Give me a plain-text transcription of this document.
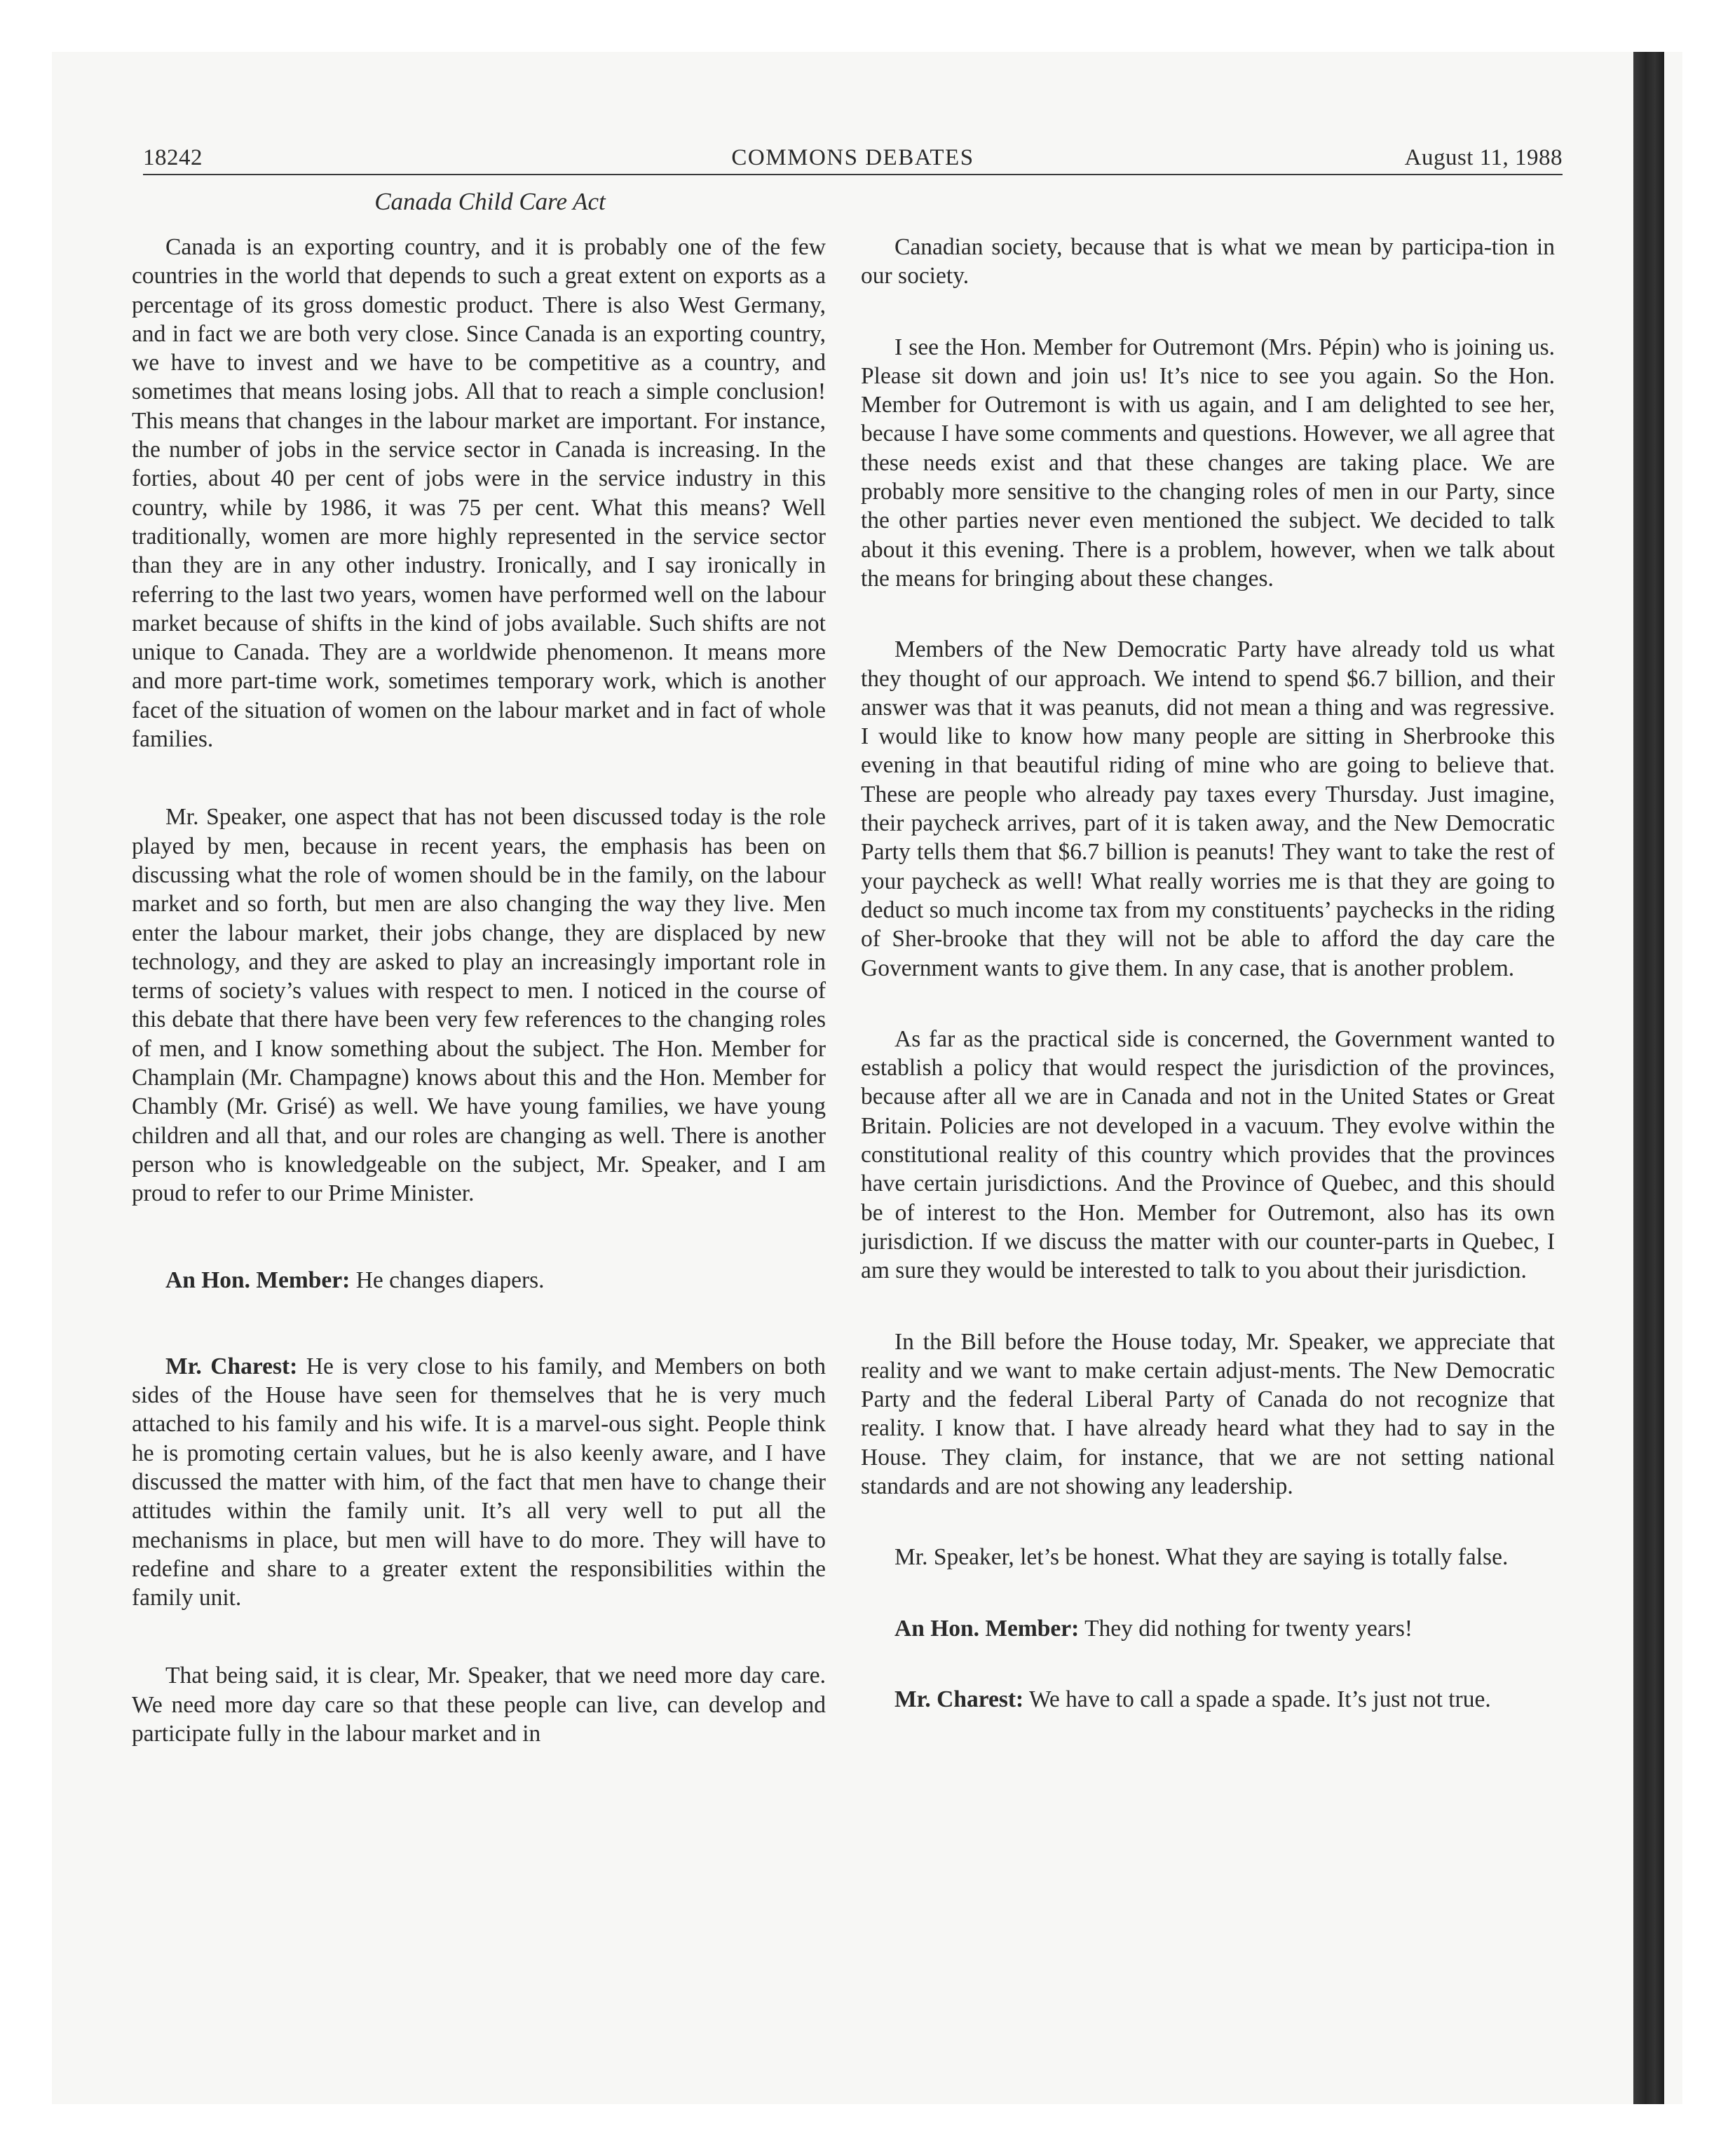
18242	COMMONS DEBATES	August 11, 1988
Canada Child Care Act

Canada is an exporting country, and it is probably one of the few countries in the world that depends to such a great extent on exports as a percentage of its gross domestic product. There is also West Germany, and in fact we are both very close. Since Canada is an exporting country, we have to invest and we have to be competitive as a country, and sometimes that means losing jobs. All that to reach a simple conclusion! This means that changes in the labour market are important. For instance, the number of jobs in the service sector in Canada is increasing. In the forties, about 40 per cent of jobs were in the service industry in this country, while by 1986, it was 75 per cent. What this means? Well traditionally, women are more highly represented in the service sector than they are in any other industry. Ironically, and I say ironically in referring to the last two years, women have performed well on the labour market because of shifts in the kind of jobs available. Such shifts are not unique to Canada. They are a worldwide phenomenon. It means more and more part-time work, sometimes temporary work, which is another facet of the situation of women on the labour market and in fact of whole families.

Mr. Speaker, one aspect that has not been discussed today is the role played by men, because in recent years, the emphasis has been on discussing what the role of women should be in the family, on the labour market and so forth, but men are also changing the way they live. Men enter the labour market, their jobs change, they are displaced by new technology, and they are asked to play an increasingly important role in terms of society’s values with respect to men. I noticed in the course of this debate that there have been very few references to the changing roles of men, and I know something about the subject. The Hon. Member for Champlain (Mr. Champagne) knows about this and the Hon. Member for Chambly (Mr. Grisé) as well. We have young families, we have young children and all that, and our roles are changing as well. There is another person who is knowledgeable on the subject, Mr. Speaker, and I am proud to refer to our Prime Minister.

An Hon. Member: He changes diapers.

Mr. Charest: He is very close to his family, and Members on both sides of the House have seen for themselves that he is very much attached to his family and his wife. It is a marvel-ous sight. People think he is promoting certain values, but he is also keenly aware, and I have discussed the matter with him, of the fact that men have to change their attitudes within the family unit. It’s all very well to put all the mechanisms in place, but men will have to do more. They will have to redefine and share to a greater extent the responsibilities within the family unit.

That being said, it is clear, Mr. Speaker, that we need more day care. We need more day care so that these people can live, can develop and participate fully in the labour market and in

Canadian society, because that is what we mean by participa-tion in our society.

I see the Hon. Member for Outremont (Mrs. Pépin) who is joining us. Please sit down and join us! It’s nice to see you again. So the Hon. Member for Outremont is with us again, and I am delighted to see her, because I have some comments and questions. However, we all agree that these needs exist and that these changes are taking place. We are probably more sensitive to the changing roles of men in our Party, since the other parties never even mentioned the subject. We decided to talk about it this evening. There is a problem, however, when we talk about the means for bringing about these changes.

Members of the New Democratic Party have already told us what they thought of our approach. We intend to spend $6.7 billion, and their answer was that it was peanuts, did not mean a thing and was regressive. I would like to know how many people are sitting in Sherbrooke this evening in that beautiful riding of mine who are going to believe that. These are people who already pay taxes every Thursday. Just imagine, their paycheck arrives, part of it is taken away, and the New Democratic Party tells them that $6.7 billion is peanuts! They want to take the rest of your paycheck as well! What really worries me is that they are going to deduct so much income tax from my constituents’ paychecks in the riding of Sher-brooke that they will not be able to afford the day care the Government wants to give them. In any case, that is another problem.

As far as the practical side is concerned, the Government wanted to establish a policy that would respect the jurisdiction of the provinces, because after all we are in Canada and not in the United States or Great Britain. Policies are not developed in a vacuum. They evolve within the constitutional reality of this country which provides that the provinces have certain jurisdictions. And the Province of Quebec, and this should be of interest to the Hon. Member for Outremont, also has its own jurisdiction. If we discuss the matter with our counter-parts in Quebec, I am sure they would be interested to talk to you about their jurisdiction.

In the Bill before the House today, Mr. Speaker, we appreciate that reality and we want to make certain adjust-ments. The New Democratic Party and the federal Liberal Party of Canada do not recognize that reality. I know that. I have already heard what they had to say in the House. They claim, for instance, that we are not setting national standards and are not showing any leadership.

Mr. Speaker, let’s be honest. What they are saying is totally false.

An Hon. Member: They did nothing for twenty years!

Mr. Charest: We have to call a spade a spade. It’s just not true.
